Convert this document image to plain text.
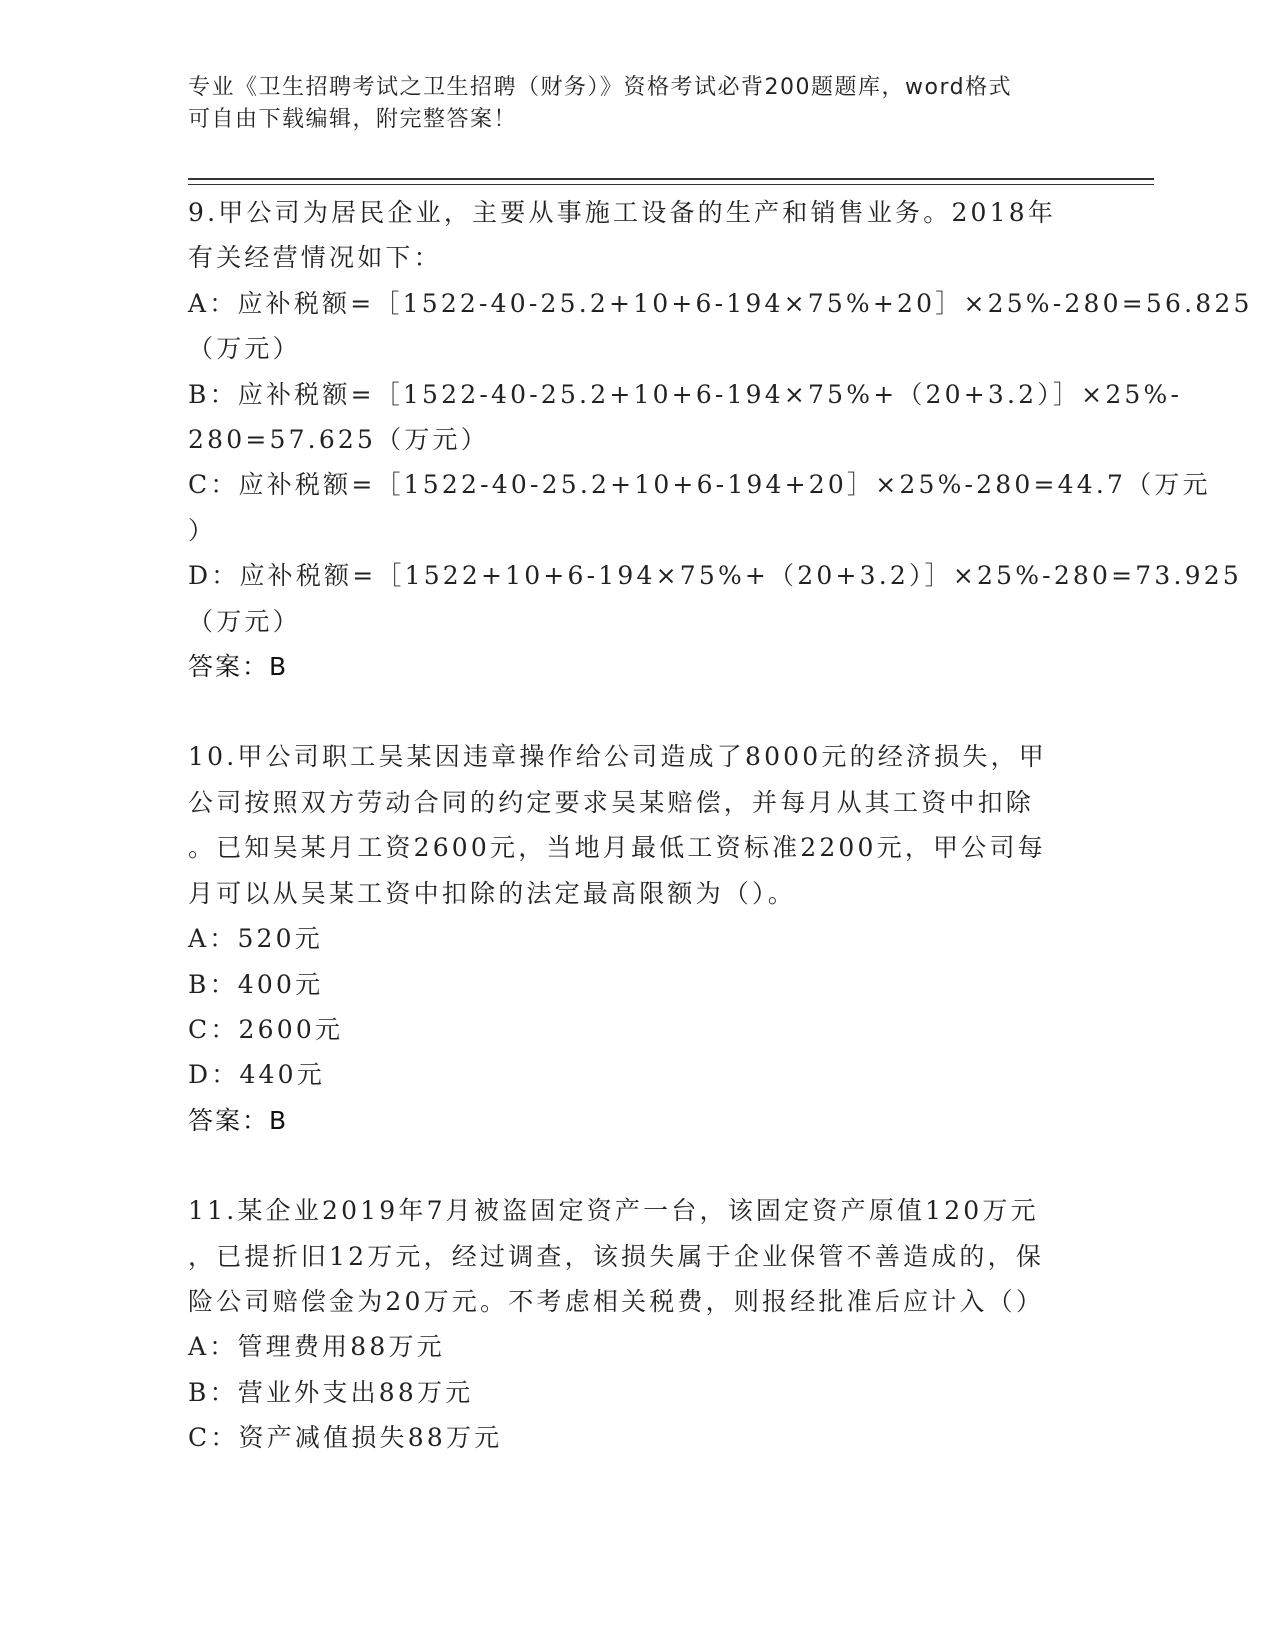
专业《卫生招聘考试之卫生招聘（财务）》资格考试必背200题题库，word格式
可自由下载编辑，附完整答案！
9.甲公司为居民企业，主要从事施工设备的生产和销售业务。2018年
有关经营情况如下：
A：应补税额=［1522-40-25.2+10+6-194×75%+20］×25%-280=56.825
（万元）
B：应补税额=［1522-40-25.2+10+6-194×75%+（20+3.2）］×25%-
280=57.625（万元）
C：应补税额=［1522-40-25.2+10+6-194+20］×25%-280=44.7（万元
）
D：应补税额=［1522+10+6-194×75%+（20+3.2）］×25%-280=73.925
（万元）
答案：B
10.甲公司职工吴某因违章操作给公司造成了8000元的经济损失，甲
公司按照双方劳动合同的约定要求吴某赔偿，并每月从其工资中扣除
。已知吴某月工资2600元，当地月最低工资标准2200元，甲公司每
月可以从吴某工资中扣除的法定最高限额为（）。
A：520元
B：400元
C：2600元
D：440元
答案：B
11.某企业2019年7月被盗固定资产一台，该固定资产原值120万元
，已提折旧12万元，经过调查，该损失属于企业保管不善造成的，保
险公司赔偿金为20万元。不考虑相关税费，则报经批准后应计入（）
A：管理费用88万元
B：营业外支出88万元
C：资产减值损失88万元
